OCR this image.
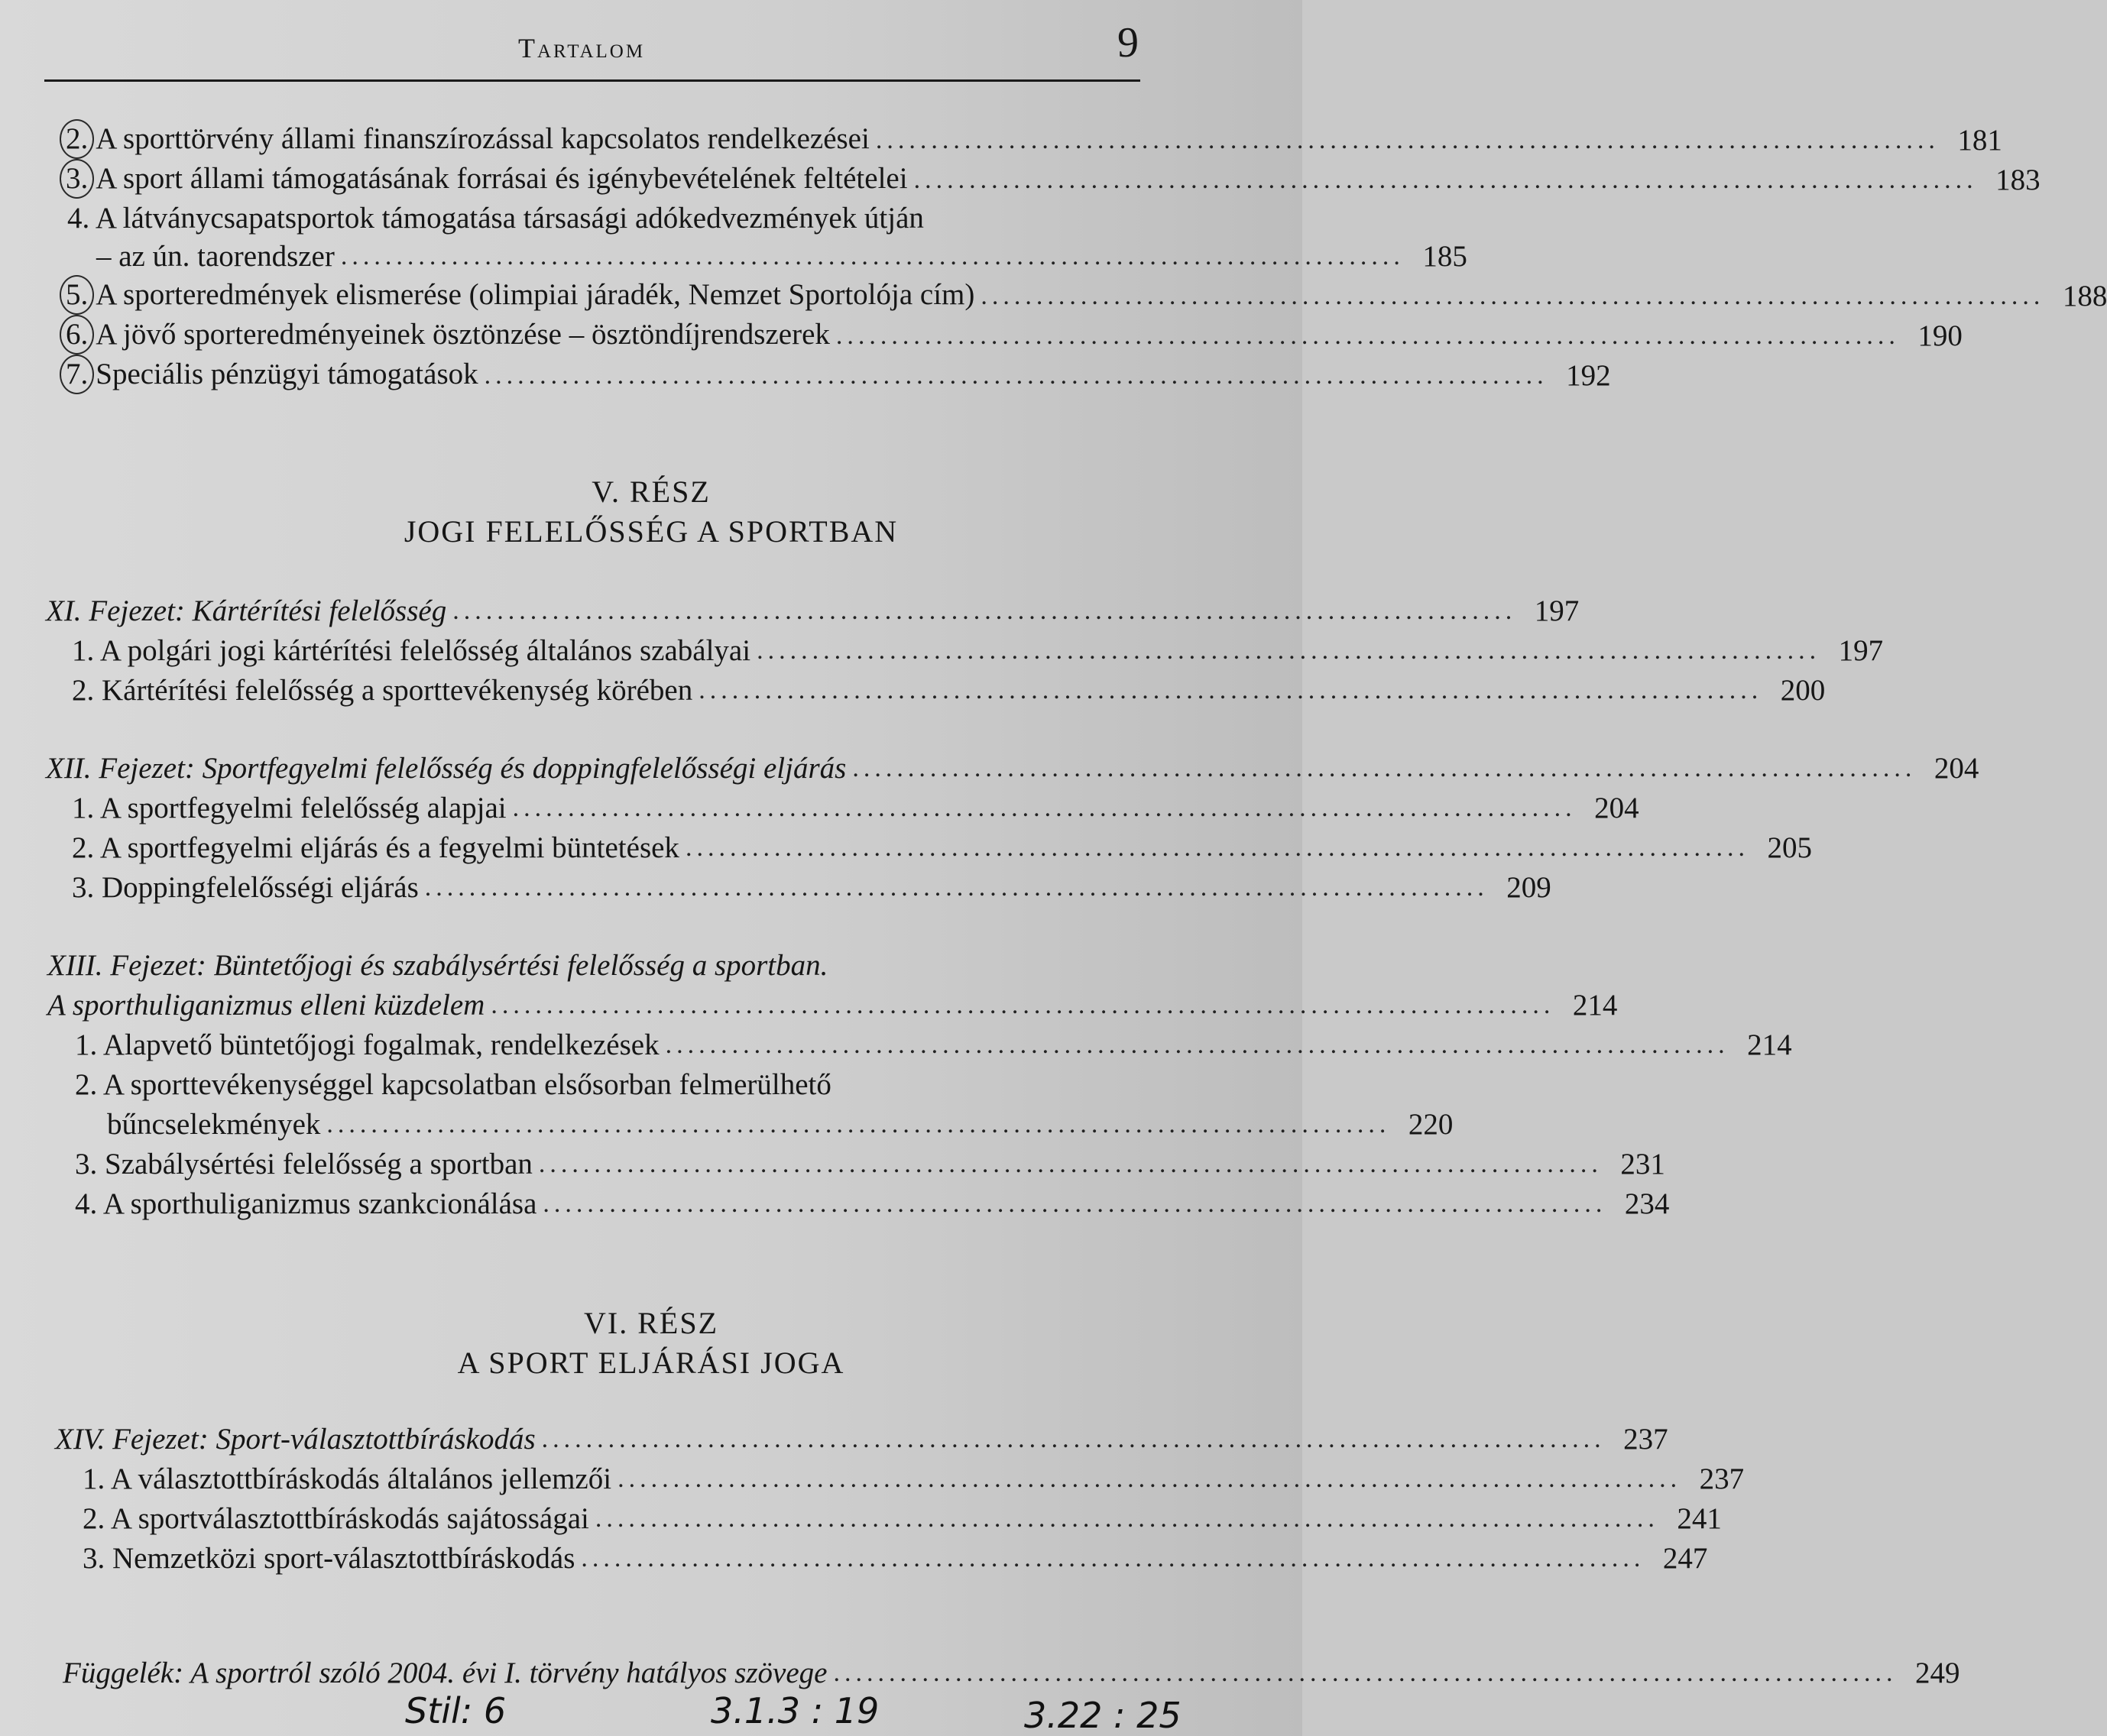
Tartalom	9
2. A sporttörvény állami finanszírozással kapcsolatos rendelkezései ................................................................................................ 181
3. A sport állami támogatásának forrásai és igénybevételének feltételei ................................................................................................ 183
4. A látványcsapatsportok támogatása társasági adókedvezmények útján
– az ún. taorendszer ................................................................................................ 185
5. A sporteredmények elismerése (olimpiai járadék, Nemzet Sportolója cím) ................................................................................................ 188
6. A jövő sporteredményeinek ösztönzése – ösztöndíjrendszerek ................................................................................................ 190
7. Speciális pénzügyi támogatások ................................................................................................ 192
V. RÉSZ
JOGI FELELŐSSÉG A SPORTBAN
XI. Fejezet: Kártérítési felelősség ................................................................................................ 197
1. A polgári jogi kártérítési felelősség általános szabályai ................................................................................................ 197
2. Kártérítési felelősség a sporttevékenység körében ................................................................................................ 200
XII. Fejezet: Sportfegyelmi felelősség és doppingfelelősségi eljárás ................................................................................................ 204
1. A sportfegyelmi felelősség alapjai ................................................................................................ 204
2. A sportfegyelmi eljárás és a fegyelmi büntetések ................................................................................................ 205
3. Doppingfelelősségi eljárás ................................................................................................ 209
XIII. Fejezet: Büntetőjogi és szabálysértési felelősség a sportban.
A sporthuliganizmus elleni küzdelem ................................................................................................ 214
1. Alapvető büntetőjogi fogalmak, rendelkezések ................................................................................................ 214
2. A sporttevékenységgel kapcsolatban elsősorban felmerülhető
bűncselekmények ................................................................................................ 220
3. Szabálysértési felelősség a sportban ................................................................................................ 231
4. A sporthuliganizmus szankcionálása ................................................................................................ 234
VI. RÉSZ
A SPORT ELJÁRÁSI JOGA
XIV. Fejezet: Sport-választottbíráskodás ................................................................................................ 237
1. A választottbíráskodás általános jellemzői ................................................................................................ 237
2. A sportválasztottbíráskodás sajátosságai ................................................................................................ 241
3. Nemzetközi sport-választottbíráskodás ................................................................................................ 247
Függelék: A sportról szóló 2004. évi I. törvény hatályos szövege ................................................................................................ 249
Stil: 6	3.1.3 : 19	3.22 : 25
